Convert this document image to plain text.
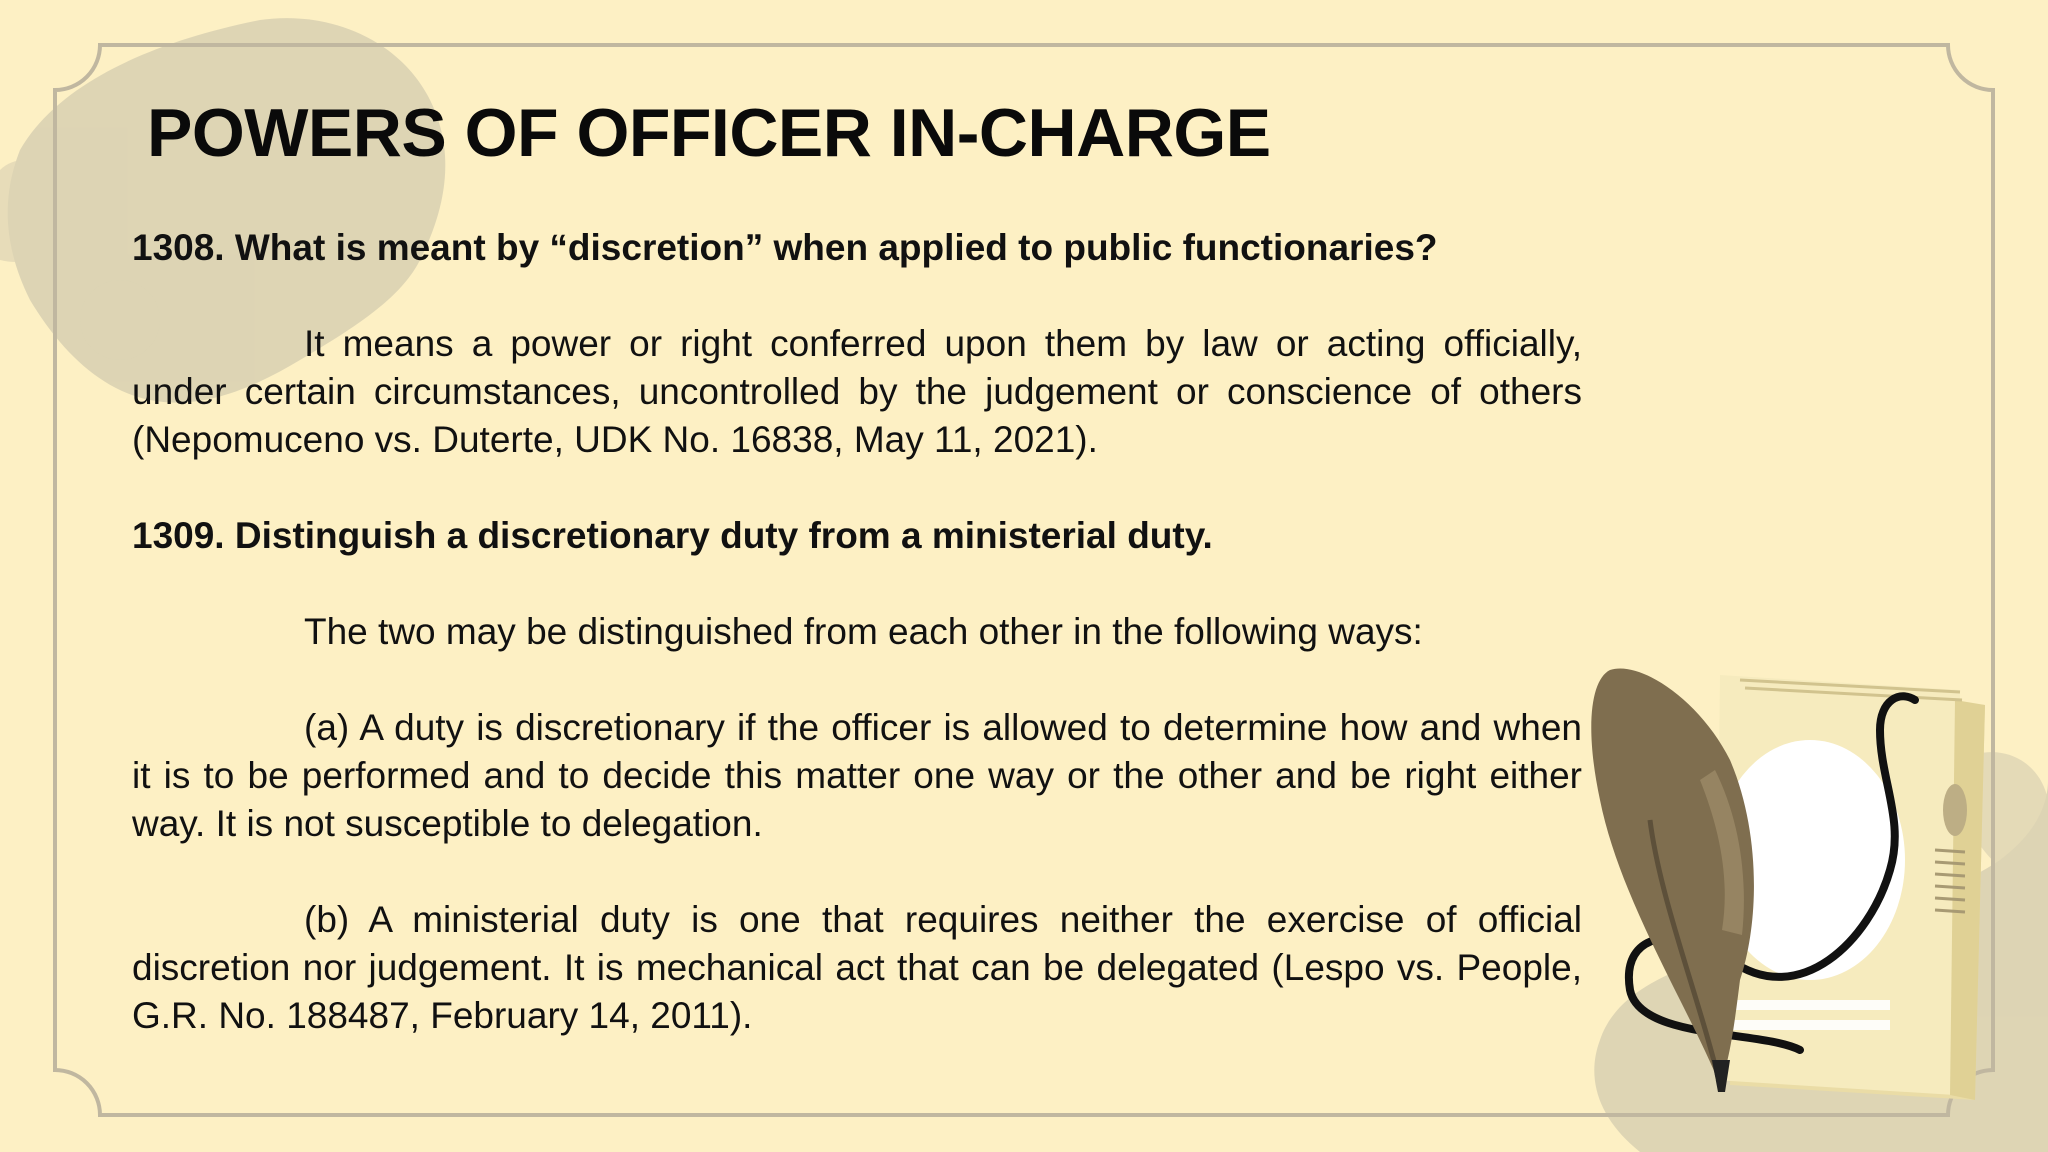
POWERS OF OFFICER IN-CHARGE

1308. What is meant by “discretion” when applied to public functionaries?

It means a power or right conferred upon them by law or acting officially, under certain circumstances, uncontrolled by the judgement or conscience of others (Nepomuceno vs. Duterte, UDK No. 16838, May 11, 2021).

1309. Distinguish a discretionary duty from a ministerial duty.

The two may be distinguished from each other in the following ways:

(a) A duty is discretionary if the officer is allowed to determine how and when it is to be performed and to decide this matter one way or the other and be right either way. It is not susceptible to delegation.

(b) A ministerial duty is one that requires neither the exercise of official discretion nor judgement. It is mechanical act that can be delegated (Lespo vs. People, G.R. No. 188487, February 14, 2011).
